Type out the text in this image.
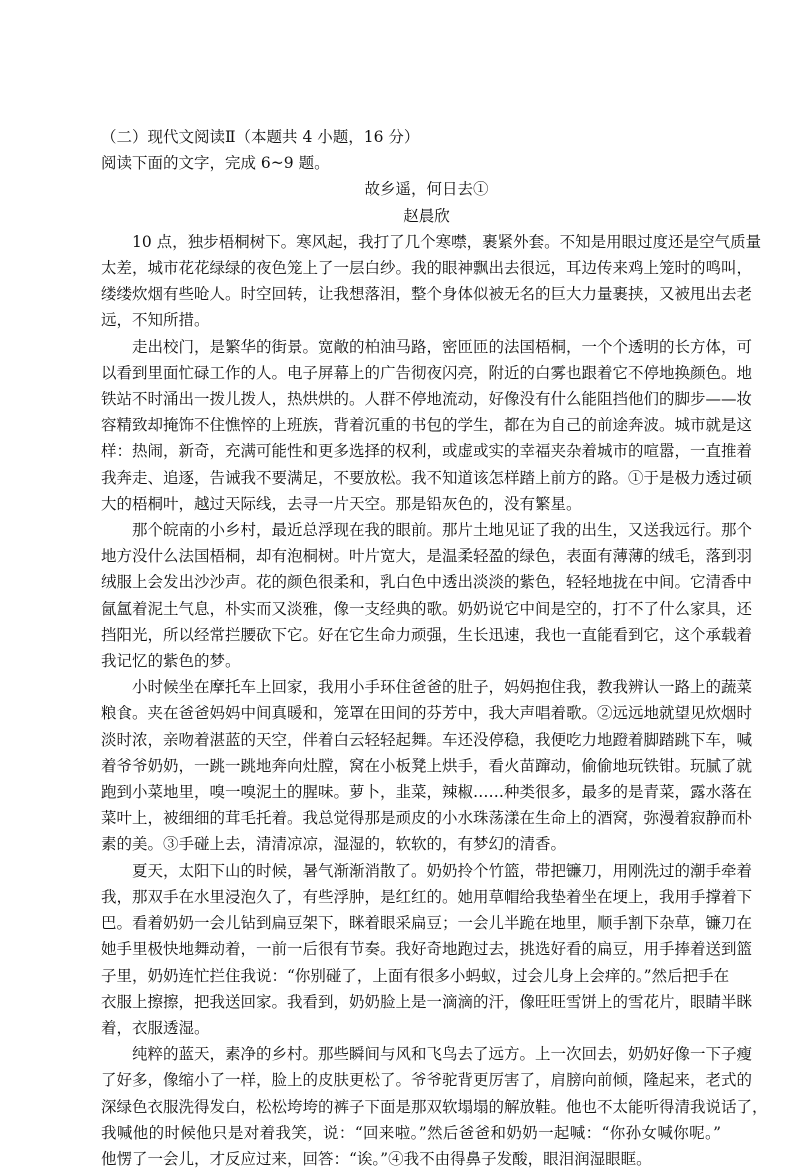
（二）现代文阅读Ⅱ（本题共 4 小题，16 分）
阅读下面的文字，完成 6~9 题。
故乡遥，何日去①
赵晨欣
10 点，独步梧桐树下。寒风起，我打了几个寒噤，裹紧外套。不知是用眼过度还是空气质量
太差，城市花花绿绿的夜色笼上了一层白纱。我的眼神飘出去很远，耳边传来鸡上笼时的鸣叫，
缕缕炊烟有些呛人。时空回转，让我想落泪，整个身体似被无名的巨大力量裹挟，又被甩出去老
远，不知所措。
走出校门，是繁华的街景。宽敞的柏油马路，密匝匝的法国梧桐，一个个透明的长方体，可
以看到里面忙碌工作的人。电子屏幕上的广告彻夜闪亮，附近的白雾也跟着它不停地换颜色。地
铁站不时涌出一拨儿拨人，热烘烘的。人群不停地流动，好像没有什么能阻挡他们的脚步——妆
容精致却掩饰不住憔悴的上班族，背着沉重的书包的学生，都在为自己的前途奔波。城市就是这
样：热闹，新奇，充满可能性和更多选择的权利，或虚或实的幸福夹杂着城市的喧嚣，一直推着
我奔走、追逐，告诫我不要满足，不要放松。我不知道该怎样踏上前方的路。①于是极力透过硕
大的梧桐叶，越过天际线，去寻一片天空。那是铅灰色的，没有繁星。
那个皖南的小乡村，最近总浮现在我的眼前。那片土地见证了我的出生，又送我远行。那个
地方没什么法国梧桐，却有泡桐树。叶片宽大，是温柔轻盈的绿色，表面有薄薄的绒毛，落到羽
绒服上会发出沙沙声。花的颜色很柔和，乳白色中透出淡淡的紫色，轻轻地拢在中间。它清香中
氤氲着泥土气息，朴实而又淡雅，像一支经典的歌。奶奶说它中间是空的，打不了什么家具，还
挡阳光，所以经常拦腰砍下它。好在它生命力顽强，生长迅速，我也一直能看到它，这个承载着
我记忆的紫色的梦。
小时候坐在摩托车上回家，我用小手环住爸爸的肚子，妈妈抱住我，教我辨认一路上的蔬菜
粮食。夹在爸爸妈妈中间真暖和，笼罩在田间的芬芳中，我大声唱着歌。②远远地就望见炊烟时
淡时浓，亲吻着湛蓝的天空，伴着白云轻轻起舞。车还没停稳，我便吃力地蹬着脚踏跳下车，喊
着爷爷奶奶，一跳一跳地奔向灶膛，窝在小板凳上烘手，看火苗蹿动，偷偷地玩铁钳。玩腻了就
跑到小菜地里，嗅一嗅泥土的腥味。萝卜，韭菜，辣椒……种类很多，最多的是青菜，露水落在
菜叶上，被细细的茸毛托着。我总觉得那是顽皮的小水珠荡漾在生命上的酒窝，弥漫着寂静而朴
素的美。③手碰上去，清清凉凉，湿湿的，软软的，有梦幻的清香。
夏天，太阳下山的时候，暑气渐渐消散了。奶奶拎个竹篮，带把镰刀，用刚洗过的潮手牵着
我，那双手在水里浸泡久了，有些浮肿，是红红的。她用草帽给我垫着坐在埂上，我用手撑着下
巴。看着奶奶一会儿钻到扁豆架下，眯着眼采扁豆；一会儿半跪在地里，顺手割下杂草，镰刀在
她手里极快地舞动着，一前一后很有节奏。我好奇地跑过去，挑选好看的扁豆，用手捧着送到篮
子里，奶奶连忙拦住我说：“你别碰了，上面有很多小蚂蚁，过会儿身上会痒的。”然后把手在
衣服上擦擦，把我送回家。我看到，奶奶脸上是一滴滴的汗，像旺旺雪饼上的雪花片，眼睛半眯
着，衣服透湿。
纯粹的蓝天，素净的乡村。那些瞬间与风和飞鸟去了远方。上一次回去，奶奶好像一下子瘦
了好多，像缩小了一样，脸上的皮肤更松了。爷爷驼背更厉害了，肩膀向前倾，隆起来，老式的
深绿色衣服洗得发白，松松垮垮的裤子下面是那双软塌塌的解放鞋。他也不太能听得清我说话了，
我喊他的时候他只是对着我笑，说：“回来啦。”然后爸爸和奶奶一起喊：“你孙女喊你呢。”
他愣了一会儿，才反应过来，回答：“诶。”④我不由得鼻子发酸，眼泪润湿眼眶。
